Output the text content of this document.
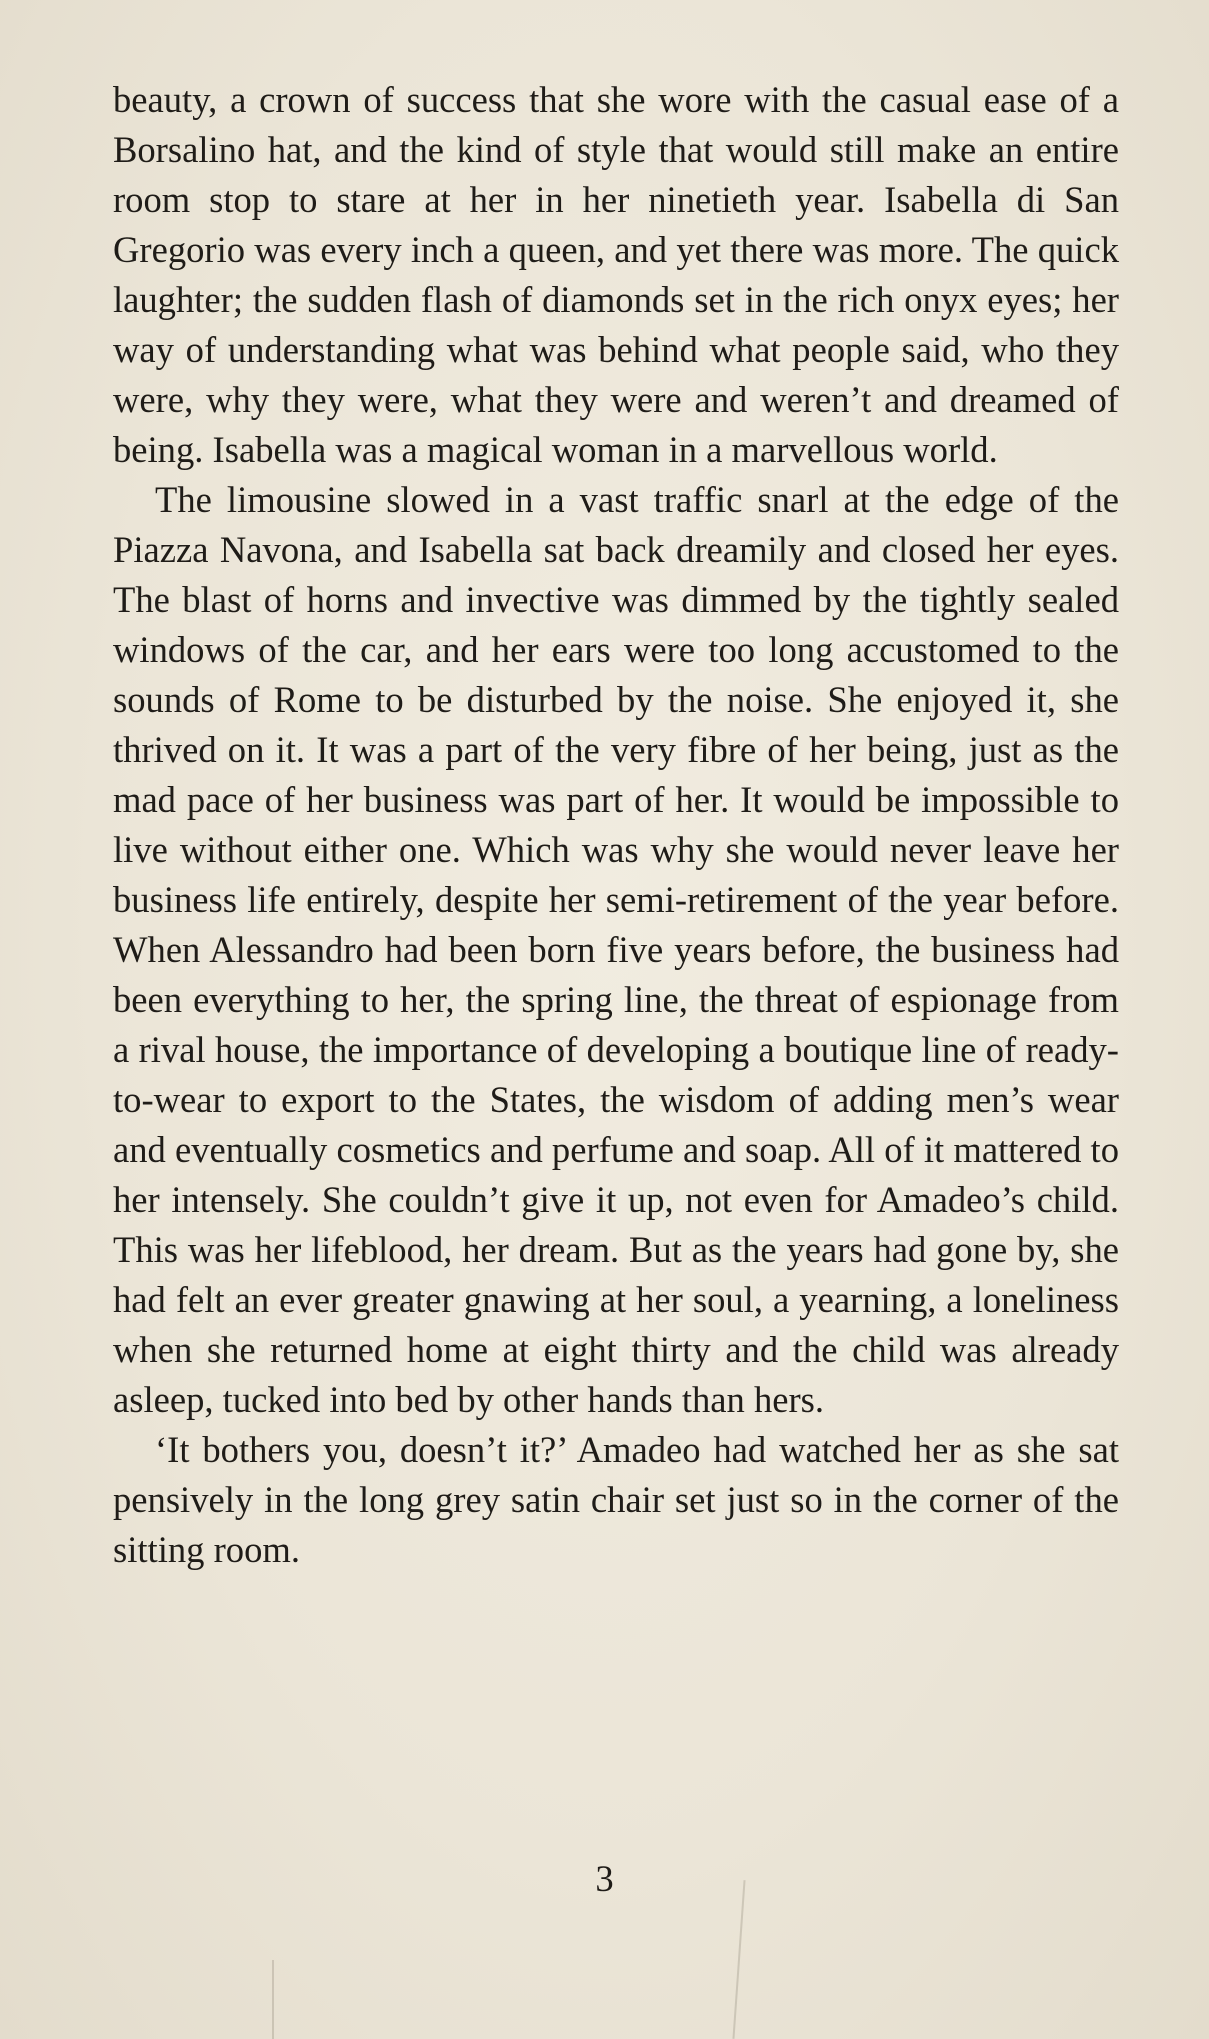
beauty, a crown of success that she wore with the casual ease of a Borsalino hat, and the kind of style that would still make an entire room stop to stare at her in her ninetieth year. Isabella di San Gregorio was every inch a queen, and yet there was more. The quick laughter; the sudden flash of diamonds set in the rich onyx eyes; her way of understanding what was behind what people said, who they were, why they were, what they were and weren’t and dreamed of being. Isabella was a magical woman in a marvellous world.

The limousine slowed in a vast traffic snarl at the edge of the Piazza Navona, and Isabella sat back dreamily and closed her eyes. The blast of horns and invective was dimmed by the tightly sealed windows of the car, and her ears were too long accustomed to the sounds of Rome to be disturbed by the noise. She enjoyed it, she thrived on it. It was a part of the very fibre of her being, just as the mad pace of her business was part of her. It would be impossible to live without either one. Which was why she would never leave her business life entirely, despite her semi-retirement of the year before. When Alessandro had been born five years before, the business had been everything to her, the spring line, the threat of espionage from a rival house, the importance of developing a boutique line of ready-to-wear to export to the States, the wisdom of adding men’s wear and eventually cosmetics and perfume and soap. All of it mattered to her intensely. She couldn’t give it up, not even for Amadeo’s child. This was her lifeblood, her dream. But as the years had gone by, she had felt an ever greater gnawing at her soul, a yearning, a loneliness when she returned home at eight thirty and the child was already asleep, tucked into bed by other hands than hers.

‘It bothers you, doesn’t it?’ Amadeo had watched her as she sat pensively in the long grey satin chair set just so in the corner of the sitting room.

3
